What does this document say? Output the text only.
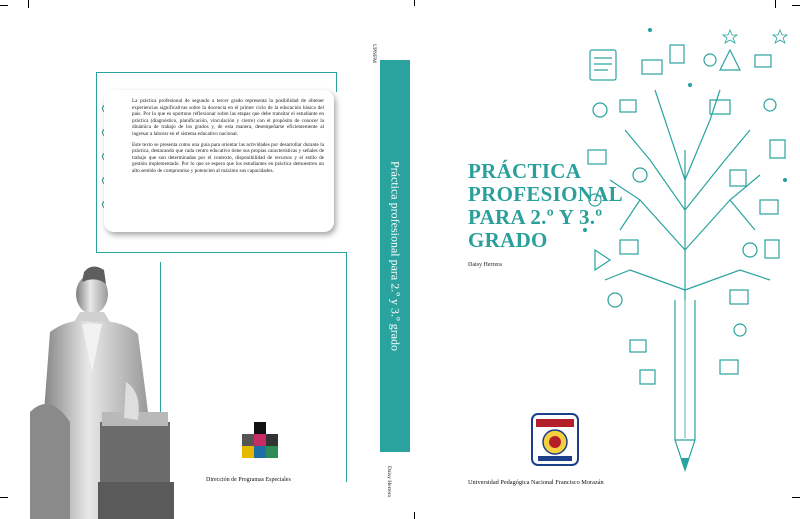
La práctica profesional de segundo a tercer grado representa la posibilidad de obtener experiencias significativas sobre la docencia en el primer ciclo de la educación básica del país. Por lo que es oportuno reflexionar sobre las etapas que debe transitar el estudiante en práctica (diagnóstico, planificación, vinculación y cierre) con el propósito de conocer la dinámica de trabajo de los grados y, de esta manera, desempeñarse eficientemente al ingresar a laborar en el sistema educativo nacional.

Este texto se presenta como una guía para orientar las actividades por desarrollar durante la práctica, destacando que cada centro educativo tiene sus propias características y señales de trabajo que son determinadas por el contexto, disponibilidad de recursos y el estilo de gestión implementado. Por lo que se espera que los estudiantes en práctica demuestren un alto sentido de compromiso y potencien al máximo sus capacidades.

Dirección de Programas Especiales
UPNFM
Práctica profesional para 2.º y 3.º grado
Daisy Herrera
PRÁCTICA
PROFESIONAL
PARA 2.º Y 3.º
GRADO
Daisy Herrera
Universidad Pedagógica Nacional Francisco Morazán
